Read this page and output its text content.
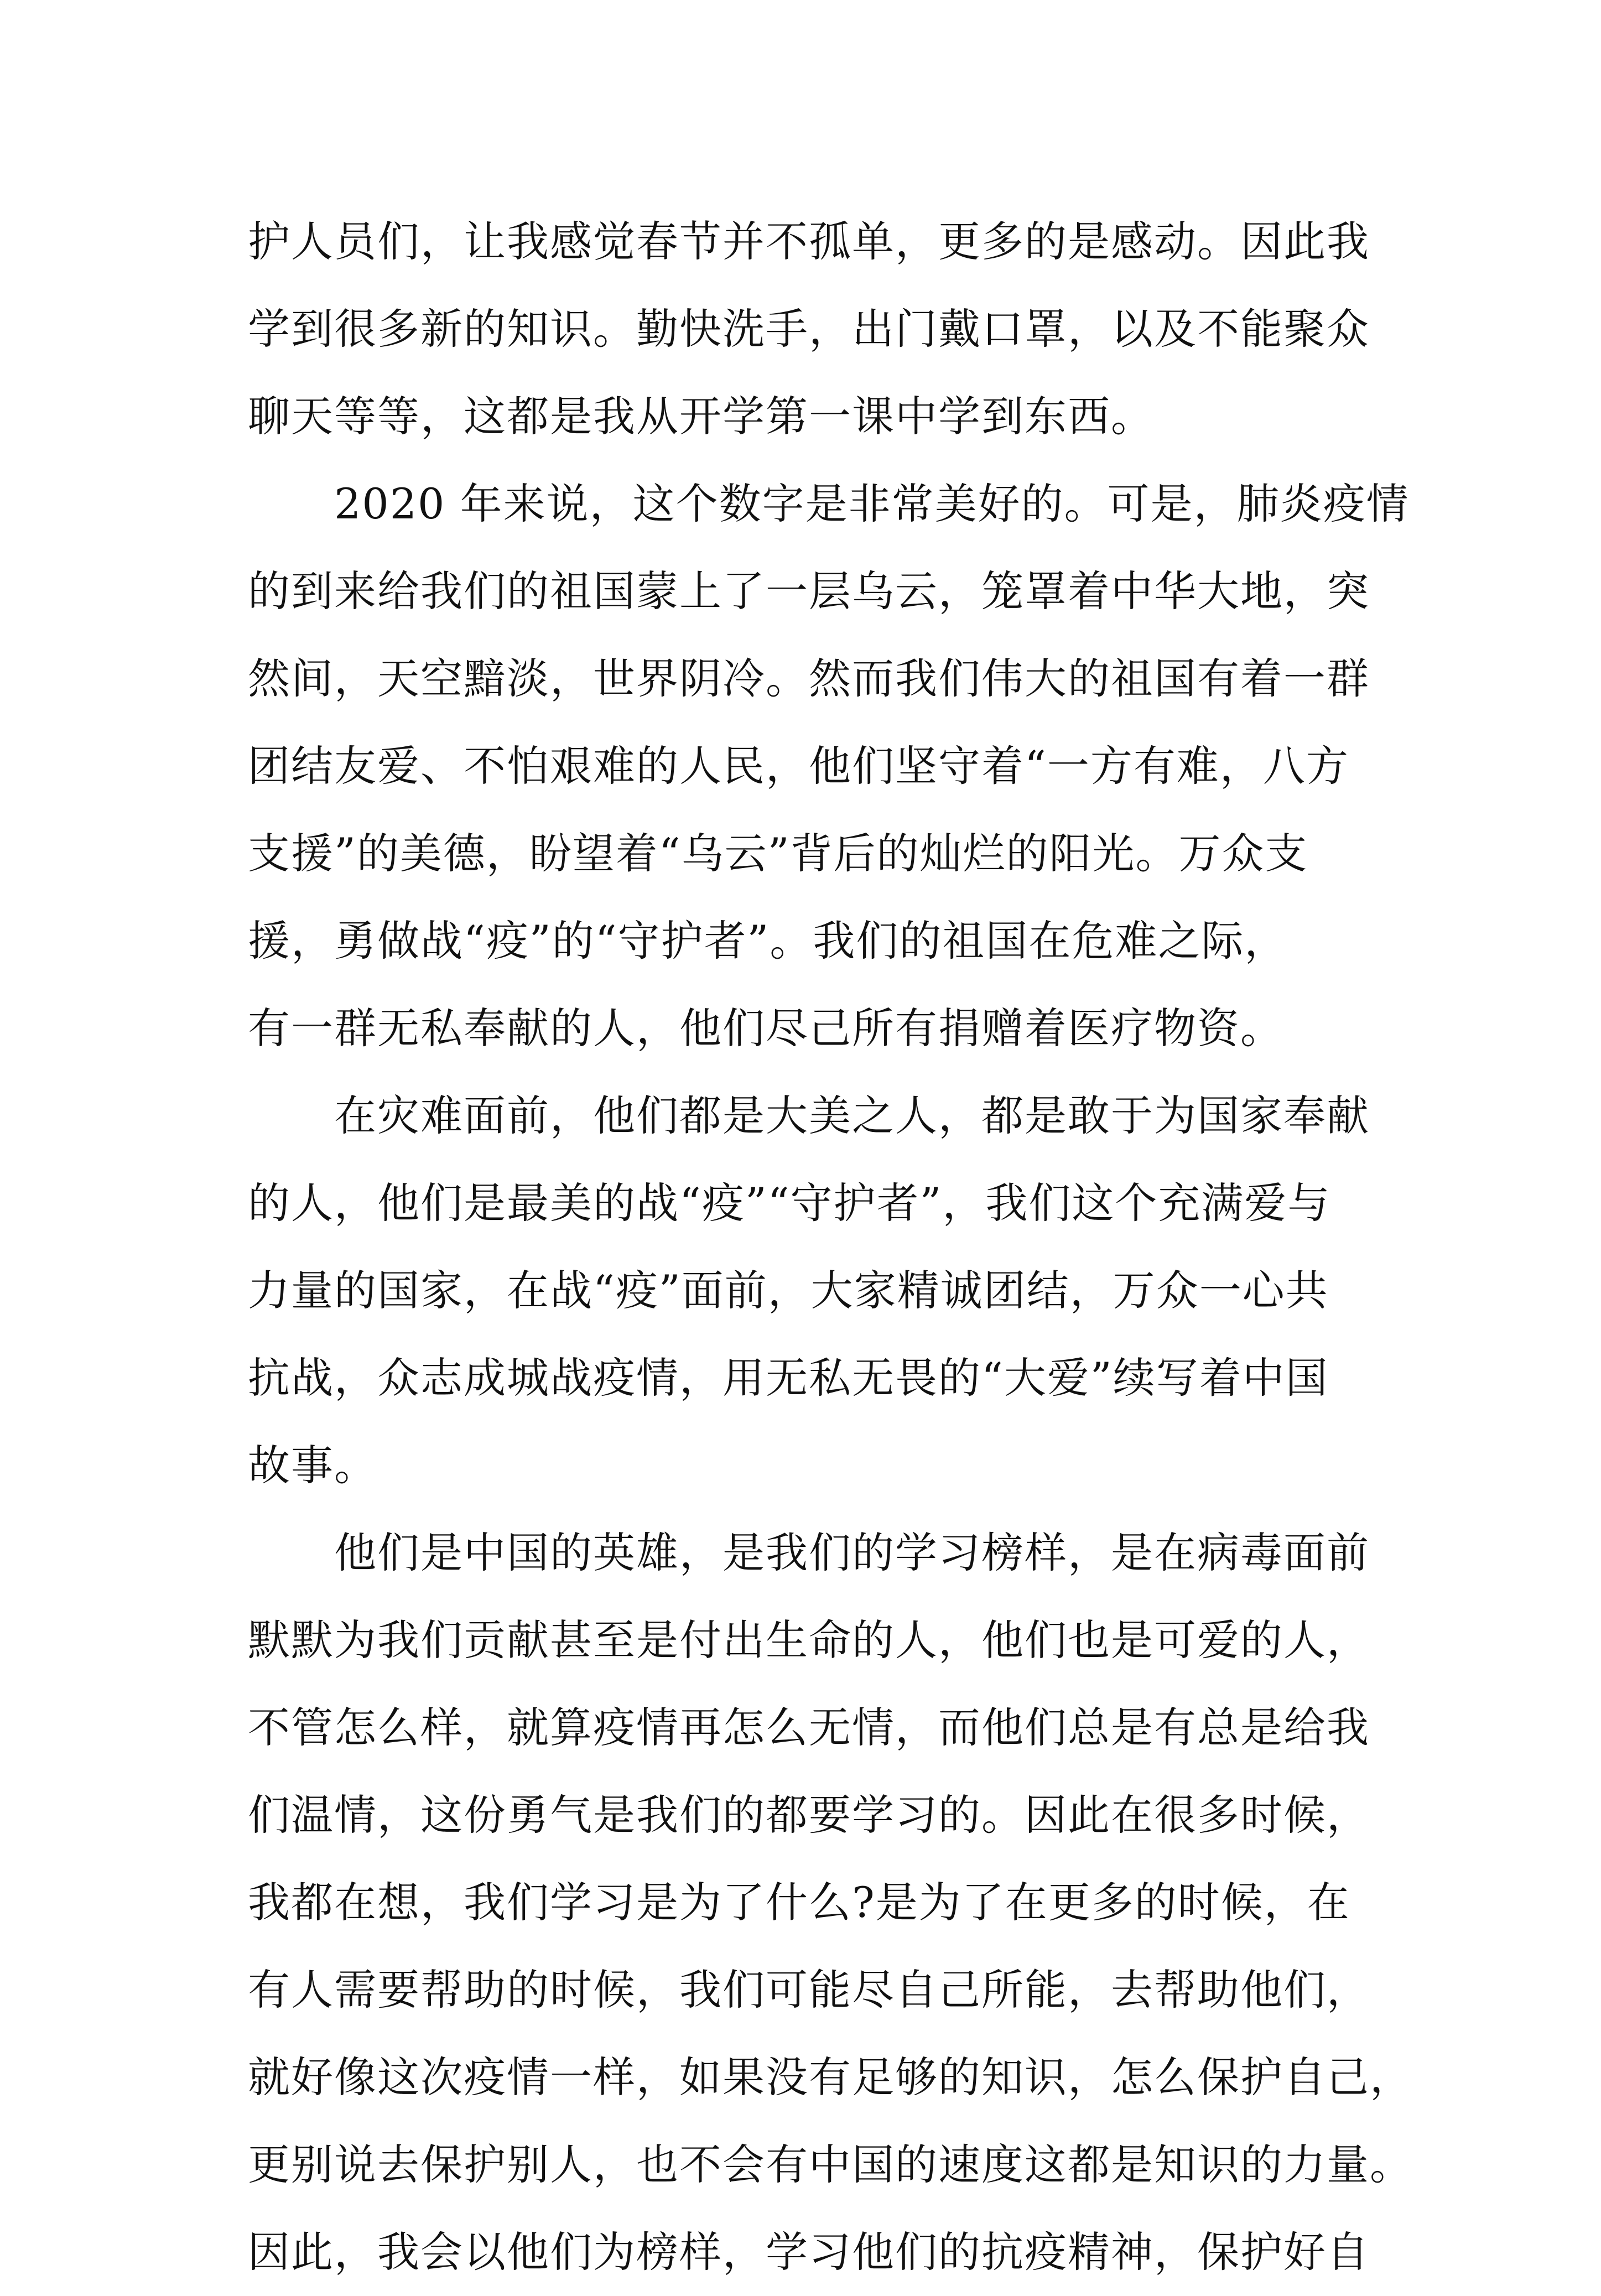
护人员们，让我感觉春节并不孤单，更多的是感动。因此我
学到很多新的知识。勤快洗手，出门戴口罩，以及不能聚众
聊天等等，这都是我从开学第一课中学到东西。
　　2020 年来说，这个数字是非常美好的。可是，肺炎疫情
的到来给我们的祖国蒙上了一层乌云，笼罩着中华大地，突
然间，天空黯淡，世界阴冷。然而我们伟大的祖国有着一群
团结友爱、不怕艰难的人民，他们坚守着“一方有难，八方
支援”的美德，盼望着“乌云”背后的灿烂的阳光。万众支
援，勇做战“疫”的“守护者”。我们的祖国在危难之际，
有一群无私奉献的人，他们尽己所有捐赠着医疗物资。
　　在灾难面前，他们都是大美之人，都是敢于为国家奉献
的人，他们是最美的战“疫”“守护者”，我们这个充满爱与
力量的国家，在战“疫”面前，大家精诚团结，万众一心共
抗战，众志成城战疫情，用无私无畏的“大爱”续写着中国
故事。
　　他们是中国的英雄，是我们的学习榜样，是在病毒面前
默默为我们贡献甚至是付出生命的人，他们也是可爱的人，
不管怎么样，就算疫情再怎么无情，而他们总是有总是给我
们温情，这份勇气是我们的都要学习的。因此在很多时候，
我都在想，我们学习是为了什么?是为了在更多的时候，在
有人需要帮助的时候，我们可能尽自己所能，去帮助他们，
就好像这次疫情一样，如果没有足够的知识，怎么保护自己，
更别说去保护别人，也不会有中国的速度这都是知识的力量。
因此，我会以他们为榜样，学习他们的抗疫精神，保护好自
